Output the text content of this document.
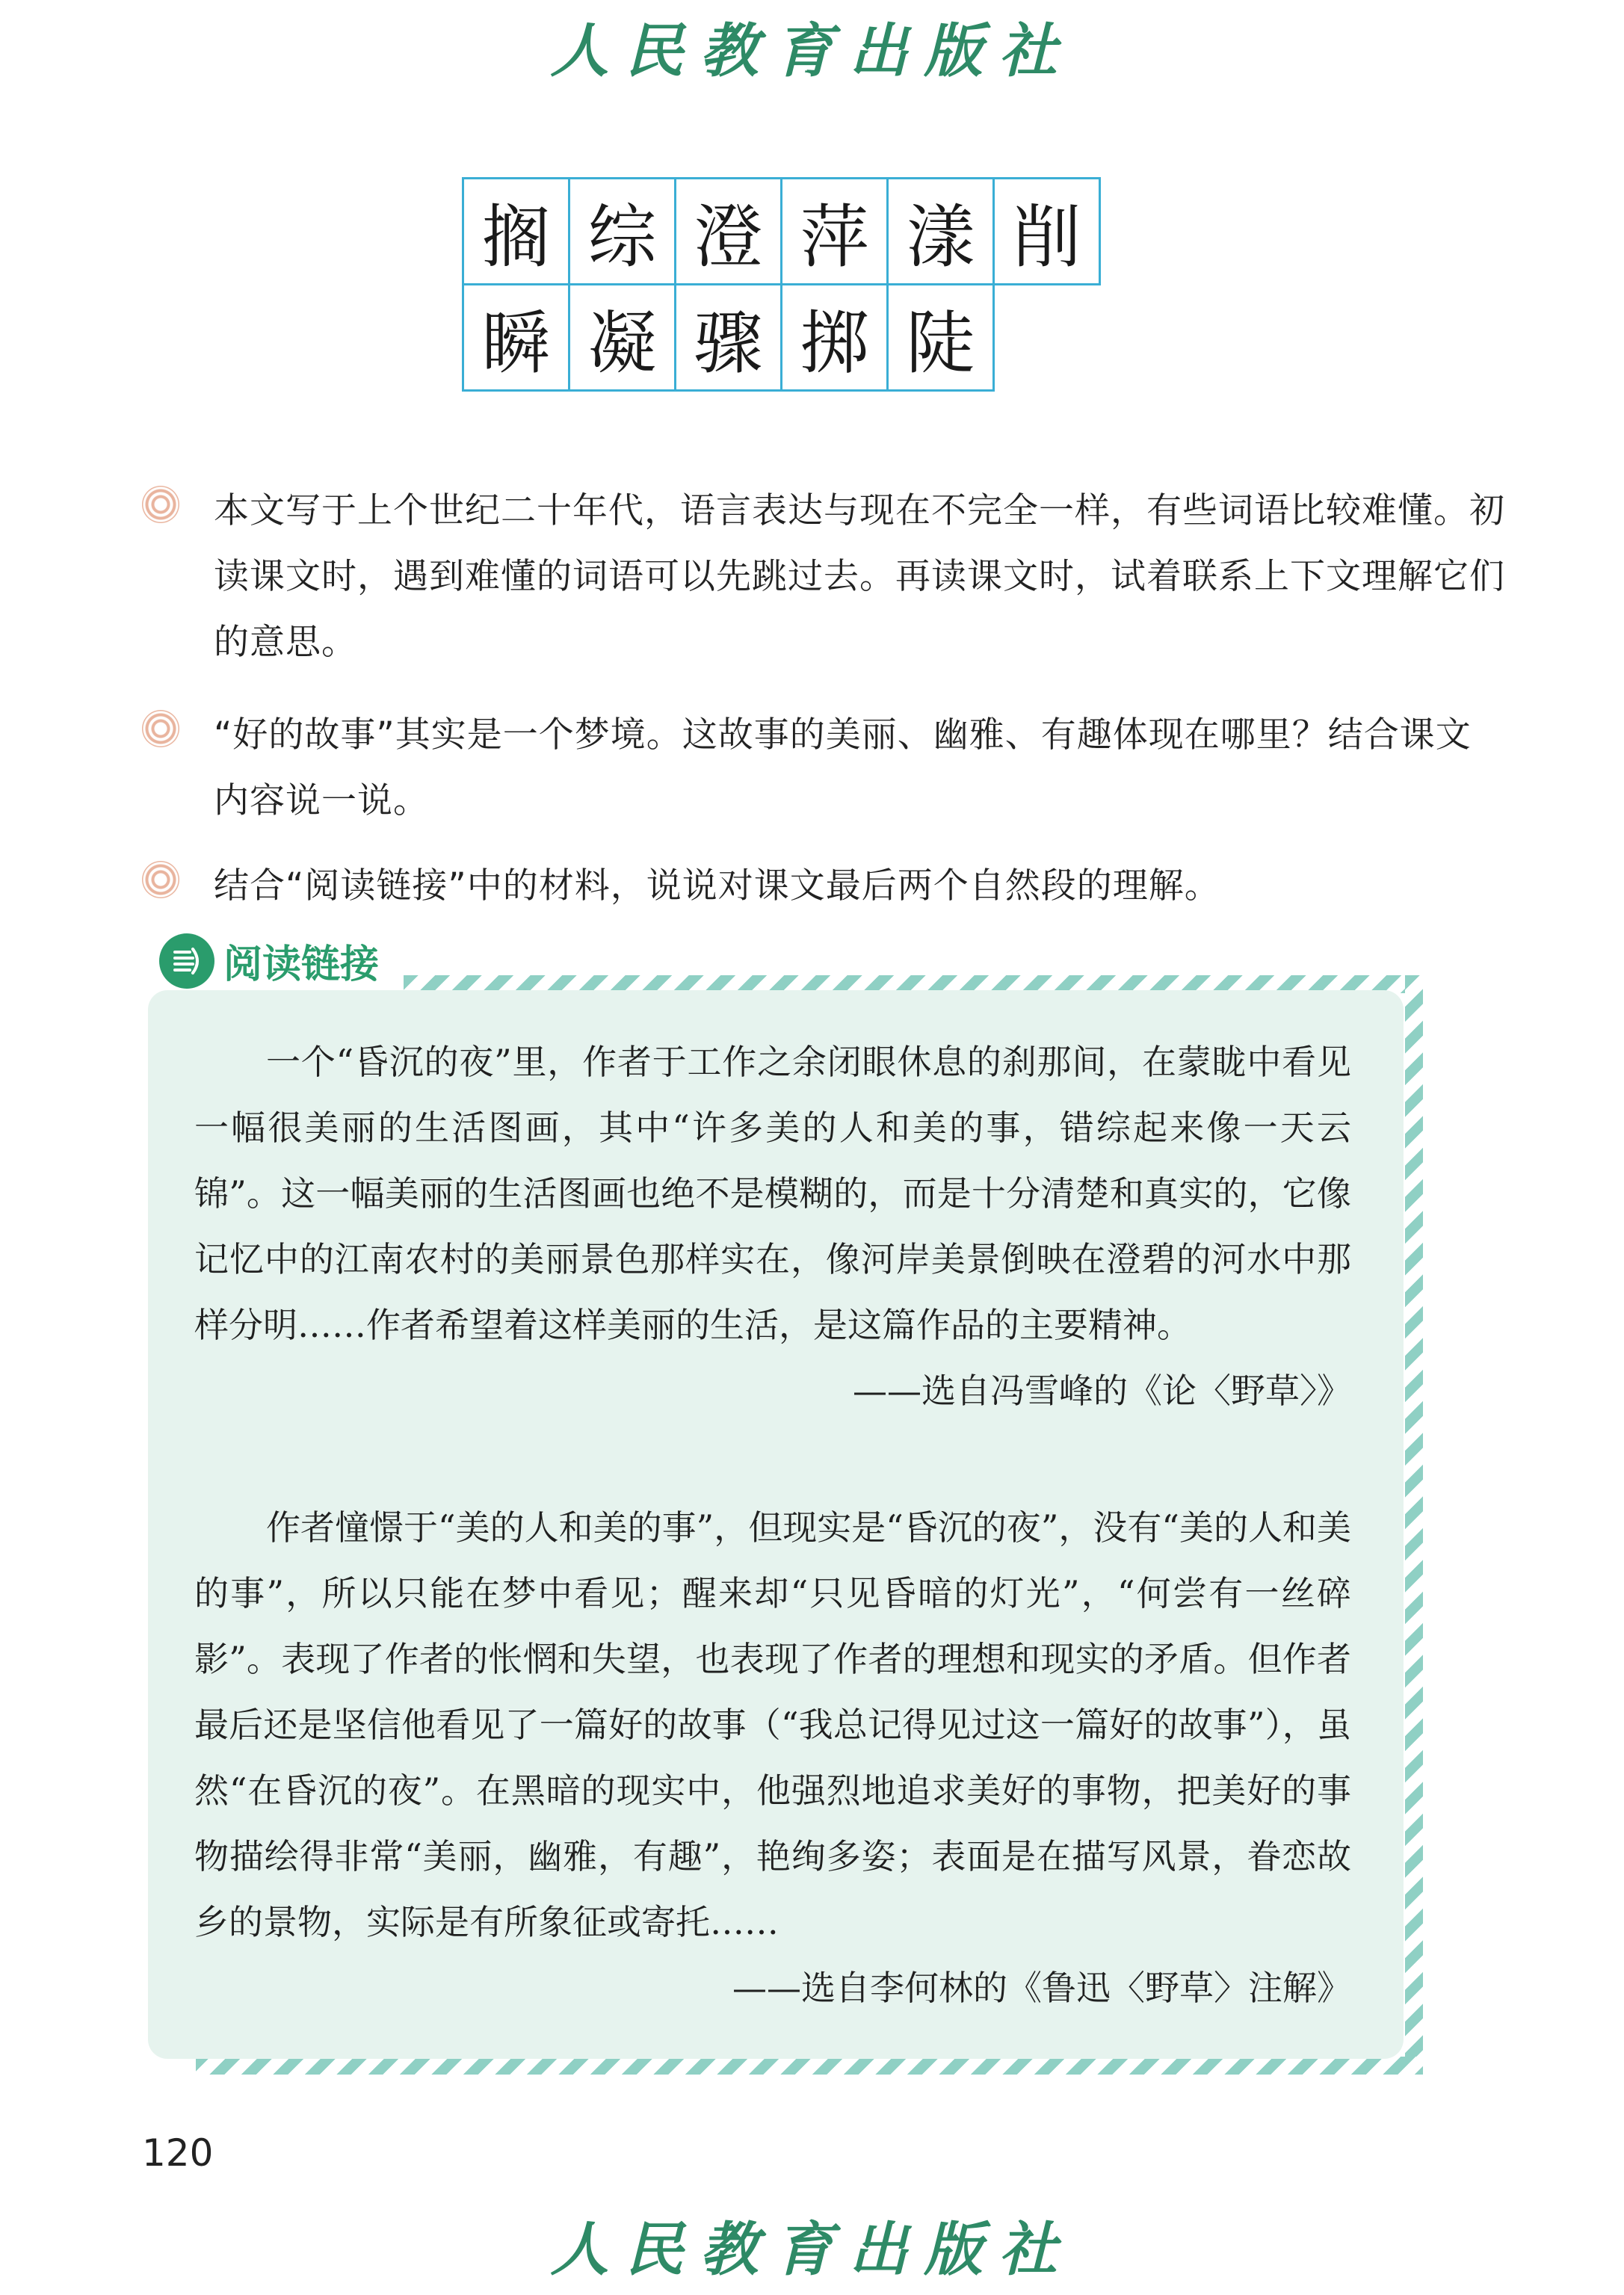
人民教育出版社
搁 综 澄 萍 漾 削
瞬 凝 骤 掷 陡
本文写于上个世纪二十年代，语言表达与现在不完全一样，有些词语比较难懂。初读课文时，遇到难懂的词语可以先跳过去。再读课文时，试着联系上下文理解它们的意思。
“好的故事”其实是一个梦境。这故事的美丽、幽雅、有趣体现在哪里？结合课文内容说一说。
结合“阅读链接”中的材料，说说对课文最后两个自然段的理解。
阅读链接

一个“昏沉的夜”里，作者于工作之余闭眼休息的刹那间，在蒙眬中看见一幅很美丽的生活图画，其中“许多美的人和美的事，错综起来像一天云锦”。这一幅美丽的生活图画也绝不是模糊的，而是十分清楚和真实的，它像记忆中的江南农村的美丽景色那样实在，像河岸美景倒映在澄碧的河水中那样分明……作者希望着这样美丽的生活，是这篇作品的主要精神。

——选自冯雪峰的《论〈野草〉》

作者憧憬于“美的人和美的事”，但现实是“昏沉的夜”，没有“美的人和美的事”，所以只能在梦中看见；醒来却“只见昏暗的灯光”，“何尝有一丝碎影”。表现了作者的怅惘和失望，也表现了作者的理想和现实的矛盾。但作者最后还是坚信他看见了一篇好的故事（“我总记得见过这一篇好的故事”），虽然“在昏沉的夜”。在黑暗的现实中，他强烈地追求美好的事物，把美好的事物描绘得非常“美丽，幽雅，有趣”，艳绚多姿；表面是在描写风景，眷恋故乡的景物，实际是有所象征或寄托……

——选自李何林的《鲁迅〈野草〉注解》

120
人民教育出版社
